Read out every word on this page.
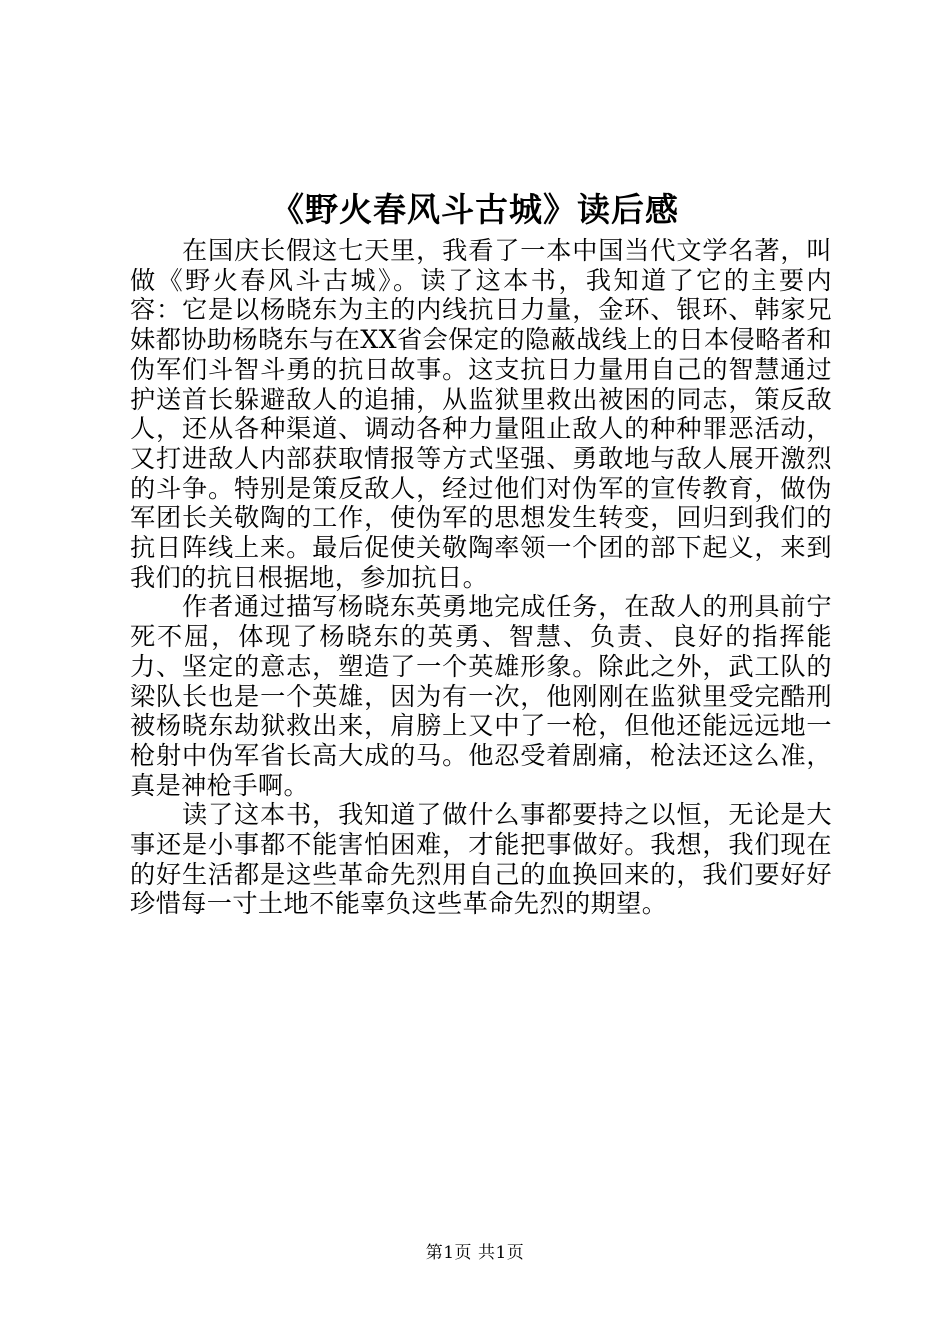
《野火春风斗古城》读后感

在国庆长假这七天里，我看了一本中国当代文学名著，叫做《野火春风斗古城》。读了这本书，我知道了它的主要内容：它是以杨晓东为主的内线抗日力量，金环、银环、韩家兄妹都协助杨晓东与在XX省会保定的隐蔽战线上的日本侵略者和伪军们斗智斗勇的抗日故事。这支抗日力量用自己的智慧通过护送首长躲避敌人的追捕，从监狱里救出被困的同志，策反敌人，还从各种渠道、调动各种力量阻止敌人的种种罪恶活动，又打进敌人内部获取情报等方式坚强、勇敢地与敌人展开激烈的斗争。特别是策反敌人，经过他们对伪军的宣传教育，做伪军团长关敬陶的工作，使伪军的思想发生转变，回归到我们的抗日阵线上来。最后促使关敬陶率领一个团的部下起义，来到我们的抗日根据地，参加抗日。

作者通过描写杨晓东英勇地完成任务，在敌人的刑具前宁死不屈，体现了杨晓东的英勇、智慧、负责、良好的指挥能力、坚定的意志，塑造了一个英雄形象。除此之外，武工队的梁队长也是一个英雄，因为有一次，他刚刚在监狱里受完酷刑被杨晓东劫狱救出来，肩膀上又中了一枪，但他还能远远地一枪射中伪军省长高大成的马。他忍受着剧痛，枪法还这么准，真是神枪手啊。

读了这本书，我知道了做什么事都要持之以恒，无论是大事还是小事都不能害怕困难，才能把事做好。我想，我们现在的好生活都是这些革命先烈用自己的血换回来的，我们要好好珍惜每一寸土地不能辜负这些革命先烈的期望。

第1页 共1页
